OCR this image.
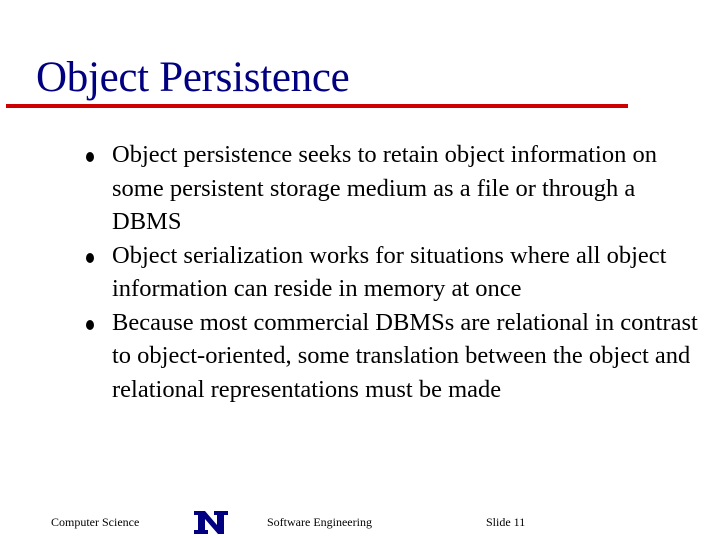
Object Persistence
Object persistence seeks to retain object information on some persistent storage medium as a file or through a DBMS
Object serialization works for situations where all object information can reside in memory at once
Because most commercial DBMSs are relational in contrast to object-oriented, some translation between the object and relational representations must be made
Computer Science	Software Engineering	Slide 11
